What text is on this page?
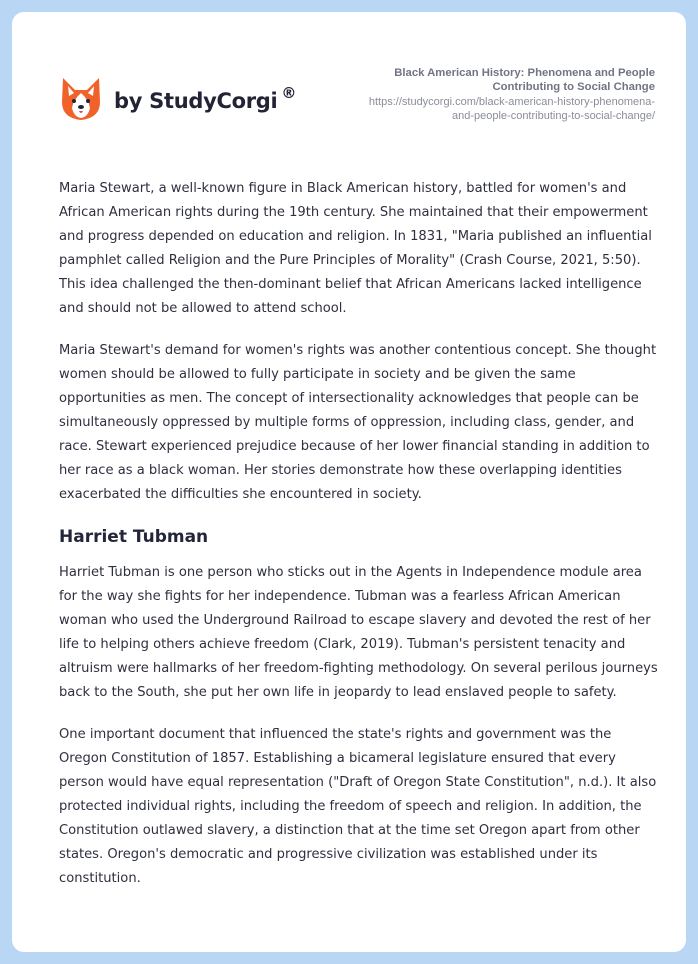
by StudyCorgi ®
Black American History: Phenomena and People
Contributing to Social Change
https://studycorgi.com/black-american-history-phenomena-
and-people-contributing-to-social-change/

Maria Stewart, a well-known figure in Black American history, battled for women's and African American rights during the 19th century. She maintained that their empowerment and progress depended on education and religion. In 1831, "Maria published an influential pamphlet called Religion and the Pure Principles of Morality" (Crash Course, 2021, 5:50). This idea challenged the then-dominant belief that African Americans lacked intelligence and should not be allowed to attend school.

Maria Stewart's demand for women's rights was another contentious concept. She thought women should be allowed to fully participate in society and be given the same opportunities as men. The concept of intersectionality acknowledges that people can be simultaneously oppressed by multiple forms of oppression, including class, gender, and race. Stewart experienced prejudice because of her lower financial standing in addition to her race as a black woman. Her stories demonstrate how these overlapping identities exacerbated the difficulties she encountered in society.

Harriet Tubman

Harriet Tubman is one person who sticks out in the Agents in Independence module area for the way she fights for her independence. Tubman was a fearless African American woman who used the Underground Railroad to escape slavery and devoted the rest of her life to helping others achieve freedom (Clark, 2019). Tubman's persistent tenacity and altruism were hallmarks of her freedom-fighting methodology. On several perilous journeys back to the South, she put her own life in jeopardy to lead enslaved people to safety.

One important document that influenced the state's rights and government was the Oregon Constitution of 1857. Establishing a bicameral legislature ensured that every person would have equal representation ("Draft of Oregon State Constitution", n.d.). It also protected individual rights, including the freedom of speech and religion. In addition, the Constitution outlawed slavery, a distinction that at the time set Oregon apart from other states. Oregon's democratic and progressive civilization was established under its constitution.
